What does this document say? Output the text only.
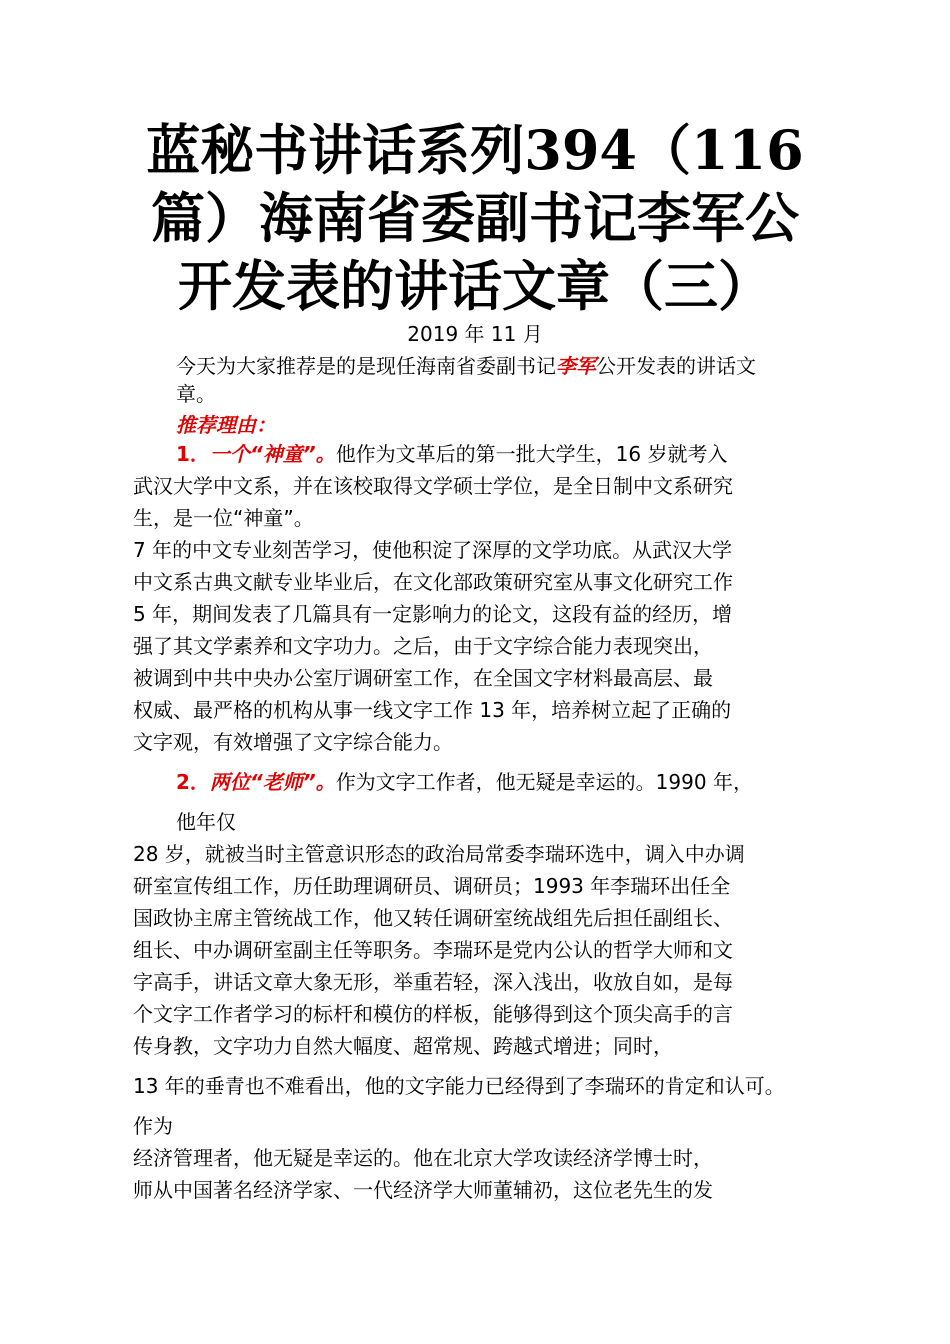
蓝秘书讲话系列394（116
篇）海南省委副书记李军公
开发表的讲话文章（三）
2019 年 11 月

今天为大家推荐是的是现任海南省委副书记李军公开发表的讲话文

章。

推荐理由：

1．一个“神童”。他作为文革后的第一批大学生，16 岁就考入

武汉大学中文系，并在该校取得文学硕士学位，是全日制中文系研究

生，是一位“神童”。

7 年的中文专业刻苦学习，使他积淀了深厚的文学功底。从武汉大学

中文系古典文献专业毕业后，在文化部政策研究室从事文化研究工作

5 年，期间发表了几篇具有一定影响力的论文，这段有益的经历，增

强了其文学素养和文字功力。之后，由于文字综合能力表现突出，

被调到中共中央办公室厅调研室工作，在全国文字材料最高层、最

权威、最严格的机构从事一线文字工作 13 年，培养树立起了正确的

文字观，有效增强了文字综合能力。

2．两位“老师”。作为文字工作者，他无疑是幸运的。1990 年，

他年仅

28 岁，就被当时主管意识形态的政治局常委李瑞环选中，调入中办调

研室宣传组工作，历任助理调研员、调研员；1993 年李瑞环出任全

国政协主席主管统战工作，他又转任调研室统战组先后担任副组长、

组长、中办调研室副主任等职务。李瑞环是党内公认的哲学大师和文

字高手，讲话文章大象无形，举重若轻，深入浅出，收放自如，是每

个文字工作者学习的标杆和模仿的样板，能够得到这个顶尖高手的言

传身教，文字功力自然大幅度、超常规、跨越式增进；同时，

13 年的垂青也不难看出，他的文字能力已经得到了李瑞环的肯定和认可。

作为

经济管理者，他无疑是幸运的。他在北京大学攻读经济学博士时，

师从中国著名经济学家、一代经济学大师董辅礽，这位老先生的发
